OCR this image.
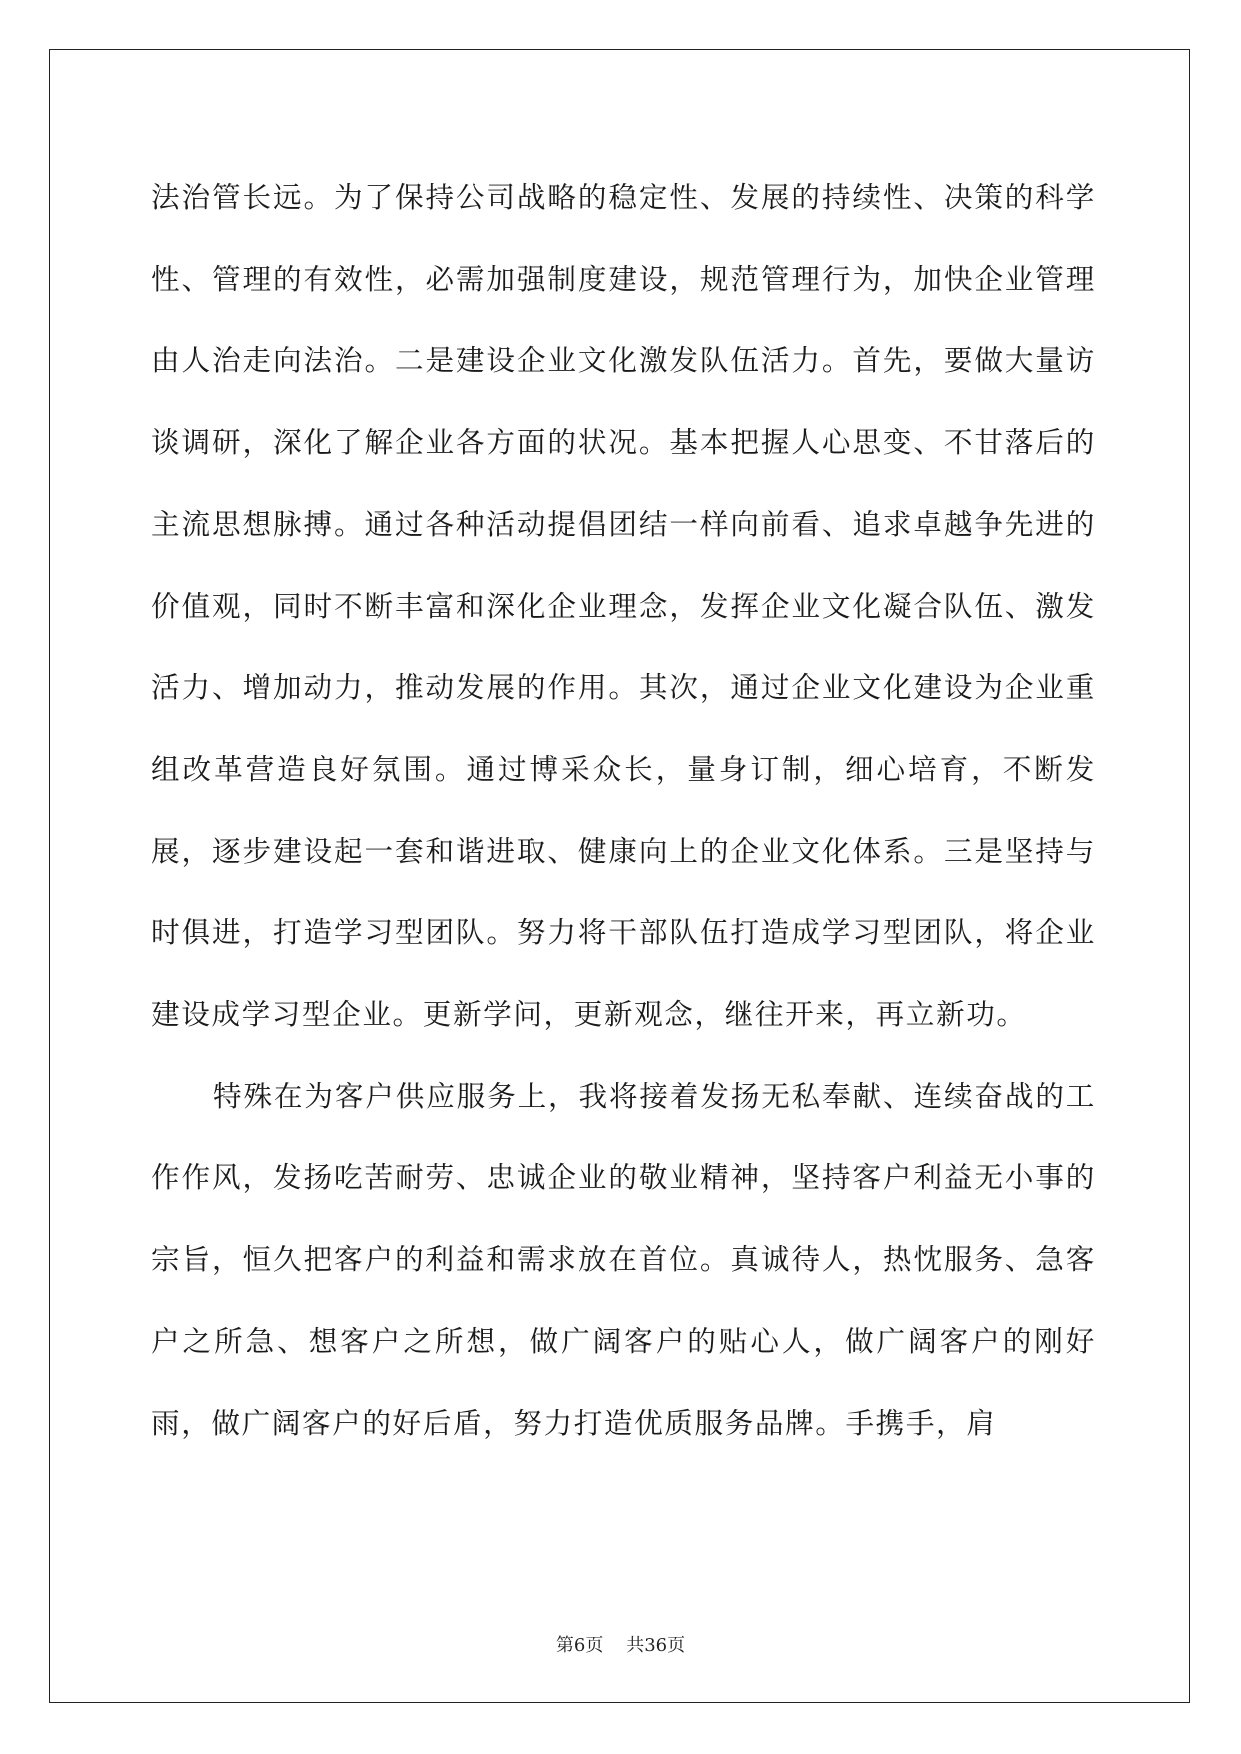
法治管长远。为了保持公司战略的稳定性、发展的持续性、决策的科学性、管理的有效性，必需加强制度建设，规范管理行为，加快企业管理由人治走向法治。二是建设企业文化激发队伍活力。首先，要做大量访谈调研，深化了解企业各方面的状况。基本把握人心思变、不甘落后的主流思想脉搏。通过各种活动提倡团结一样向前看、追求卓越争先进的价值观，同时不断丰富和深化企业理念，发挥企业文化凝合队伍、激发活力、增加动力，推动发展的作用。其次，通过企业文化建设为企业重组改革营造良好氛围。通过博采众长，量身订制，细心培育，不断发展，逐步建设起一套和谐进取、健康向上的企业文化体系。三是坚持与时俱进，打造学习型团队。努力将干部队伍打造成学习型团队，将企业建设成学习型企业。更新学问，更新观念，继往开来，再立新功。

特殊在为客户供应服务上，我将接着发扬无私奉献、连续奋战的工作作风，发扬吃苦耐劳、忠诚企业的敬业精神，坚持客户利益无小事的宗旨，恒久把客户的利益和需求放在首位。真诚待人，热忱服务、急客户之所急、想客户之所想，做广阔客户的贴心人，做广阔客户的刚好雨，做广阔客户的好后盾，努力打造优质服务品牌。手携手，肩

第6页    共36页
